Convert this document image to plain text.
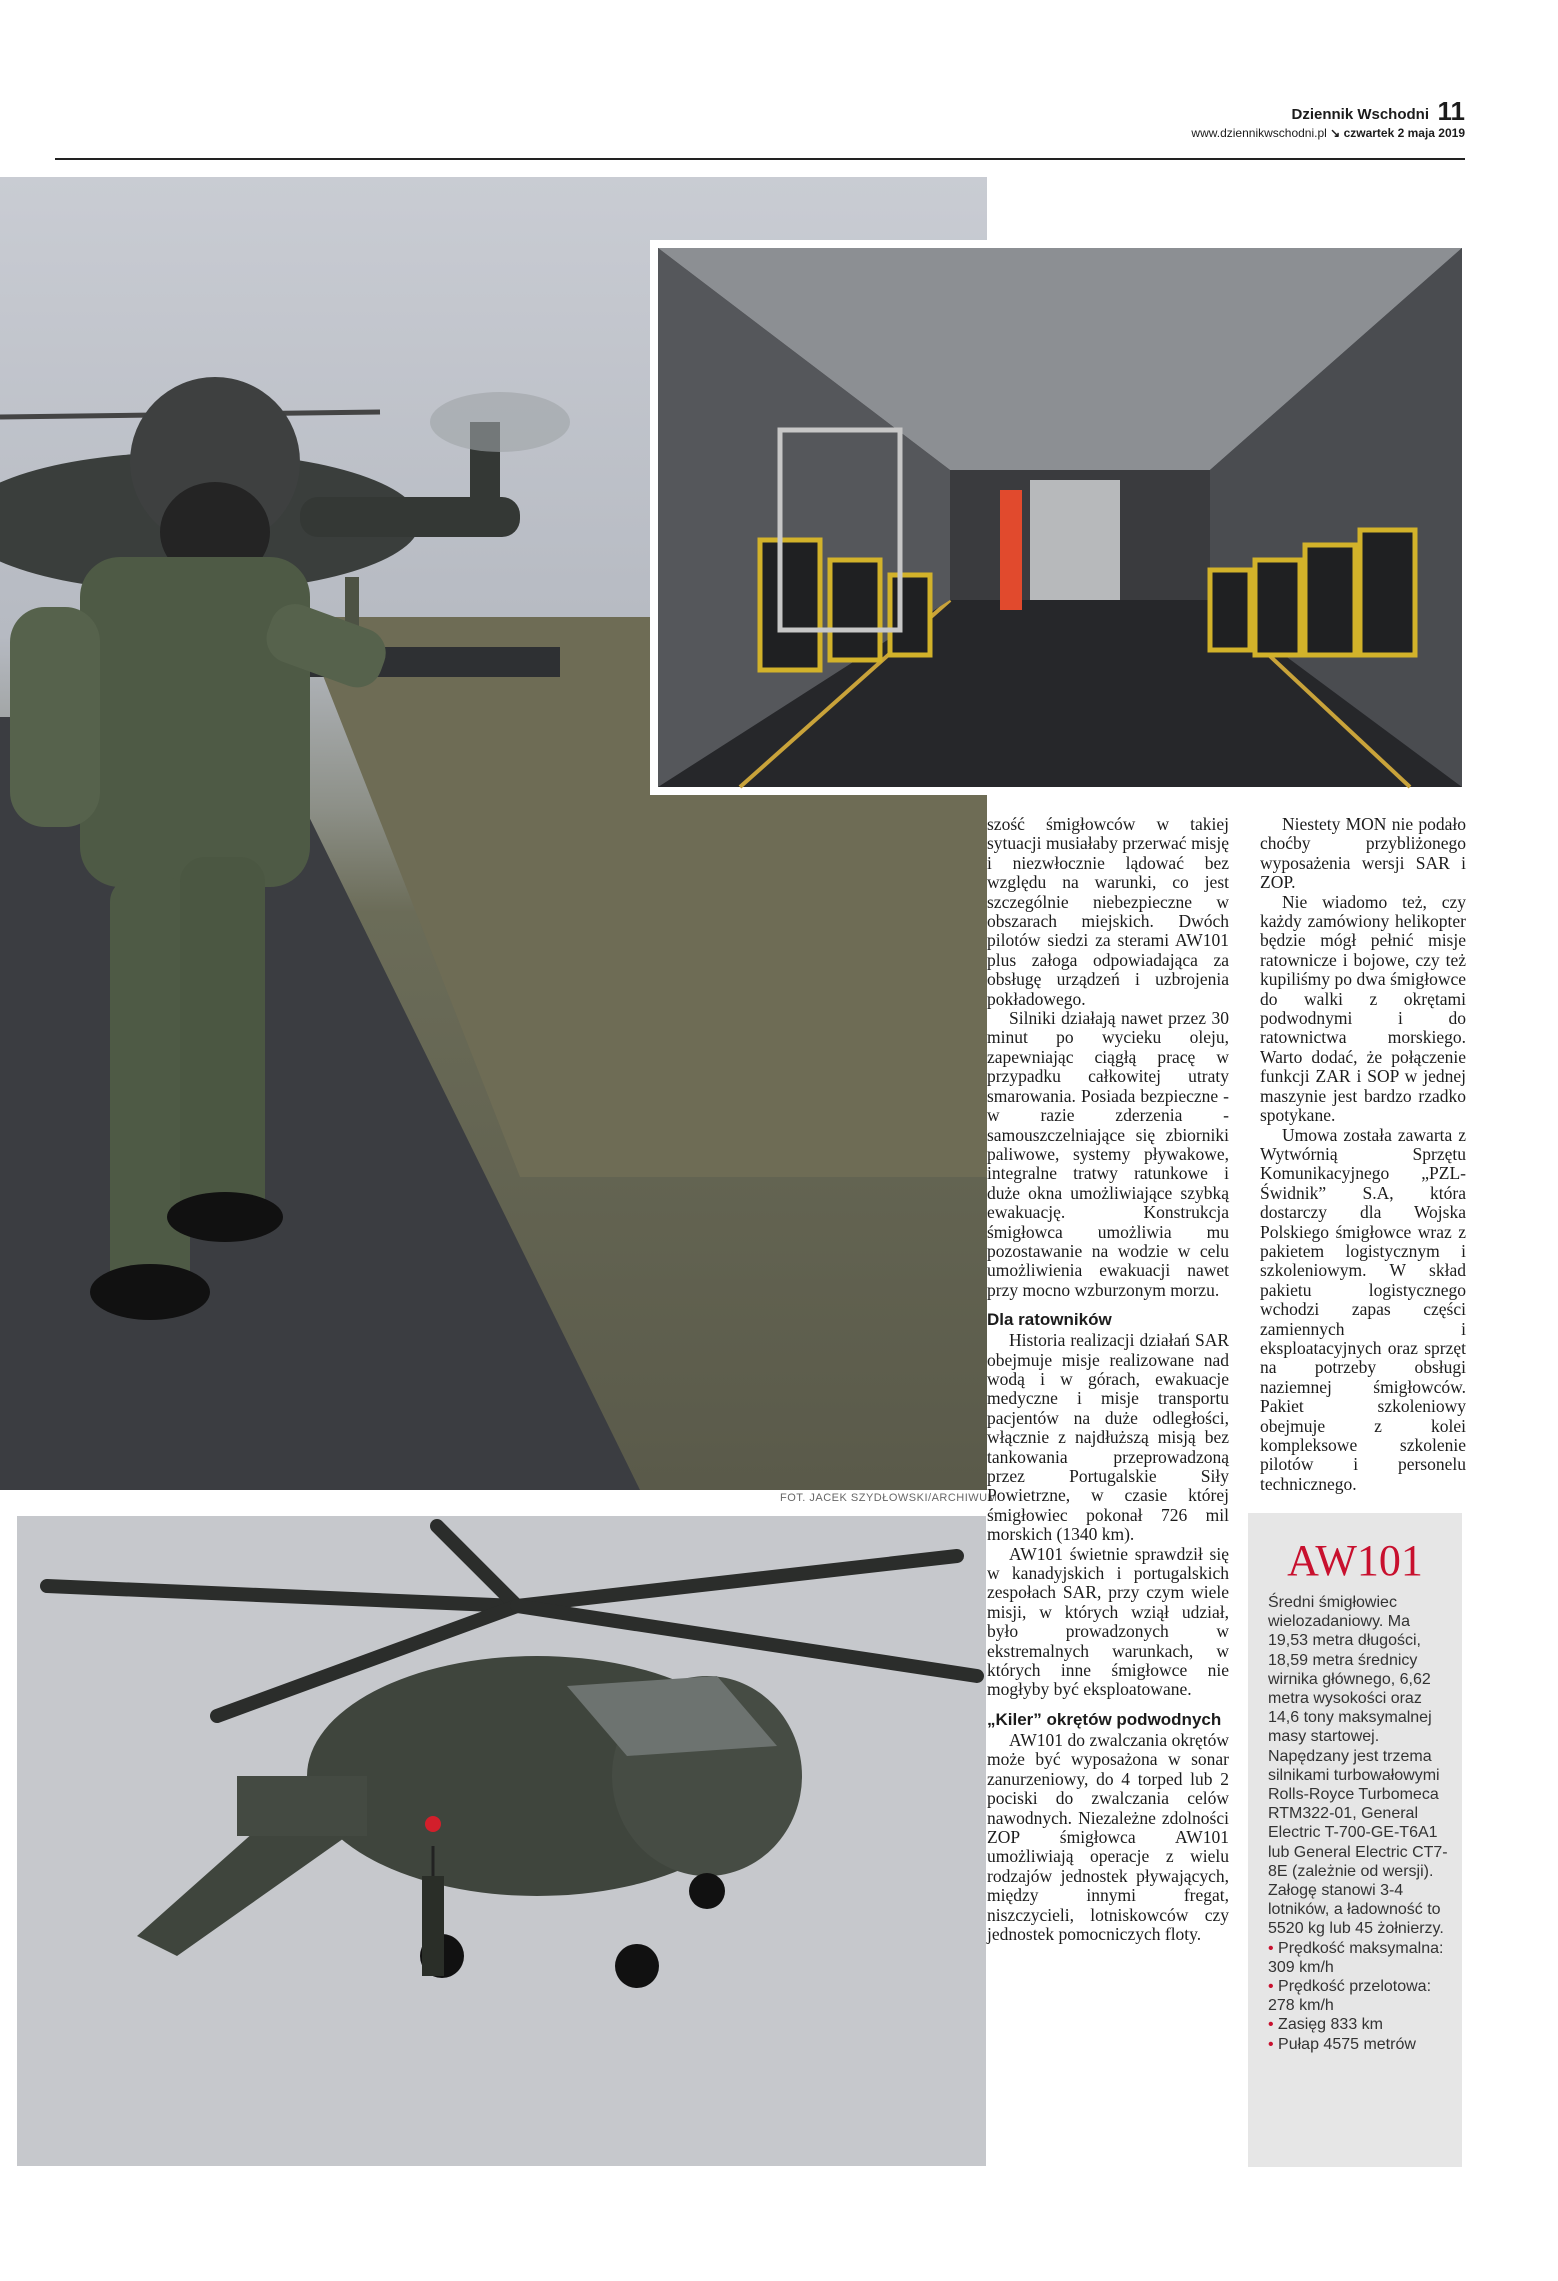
Dziennik Wschodni 11
www.dziennikwschodni.pl ↘ czwartek 2 maja 2019
FOT. JACEK SZYDŁOWSKI/ARCHIWUM

szość śmigłowców w takiej sytuacji musiałaby przerwać misję i niezwłocznie lądować bez względu na warunki, co jest szczególnie niebezpieczne w obszarach miejskich. Dwóch pilotów siedzi za sterami AW101 plus załoga odpowiadająca za obsługę urządzeń i uzbrojenia pokładowego.

Silniki działają nawet przez 30 minut po wycieku oleju, zapewniając ciągłą pracę w przypadku całkowitej utraty smarowania. Posiada bezpieczne - w razie zderzenia - samouszczelniające się zbiorniki paliwowe, systemy pływakowe, integralne tratwy ratunkowe i duże okna umożliwiające szybką ewakuację. Konstrukcja śmigłowca umożliwia mu pozostawanie na wodzie w celu umożliwienia ewakuacji nawet przy mocno wzburzonym morzu.

Dla ratowników

Historia realizacji działań SAR obejmuje misje realizowane nad wodą i w górach, ewakuacje medyczne i misje transportu pacjentów na duże odległości, włącznie z najdłuższą misją bez tankowania przeprowadzoną przez Portugalskie Siły Powietrzne, w czasie której śmigłowiec pokonał 726 mil morskich (1340 km).

AW101 świetnie sprawdził się w kanadyjskich i portugalskich zespołach SAR, przy czym wiele misji, w których wziął udział, było prowadzonych w ekstremalnych warunkach, w których inne śmigłowce nie mogłyby być eksploatowane.

„Kiler” okrętów podwodnych

AW101 do zwalczania okrętów może być wyposażona w sonar zanurzeniowy, do 4 torped lub 2 pociski do zwalczania celów nawodnych. Niezależne zdolności ZOP śmigłowca AW101 umożliwiają operacje z wielu rodzajów jednostek pływających, między innymi fregat, niszczycieli, lotniskowców czy jednostek pomocniczych floty.

Niestety MON nie podało choćby przybliżonego wyposażenia wersji SAR i ZOP.

Nie wiadomo też, czy każdy zamówiony helikopter będzie mógł pełnić misje ratownicze i bojowe, czy też kupiliśmy po dwa śmigłowce do walki z okrętami podwodnymi i do ratownictwa morskiego. Warto dodać, że połączenie funkcji ZAR i SOP w jednej maszynie jest bardzo rzadko spotykane.

Umowa została zawarta z Wytwórnią Sprzętu Komunikacyjnego „PZL-Świdnik” S.A, która dostarczy dla Wojska Polskiego śmigłowce wraz z pakietem logistycznym i szkoleniowym. W skład pakietu logistycznego wchodzi zapas części zamiennych i eksploatacyjnych oraz sprzęt na potrzeby obsługi naziemnej śmigłowców. Pakiet szkoleniowy obejmuje z kolei kompleksowe szkolenie pilotów i personelu technicznego.

AW101

Średni śmigłowiec wielozadaniowy. Ma 19,53 metra długości, 18,59 metra średnicy wirnika głównego, 6,62 metra wysokości oraz 14,6 tony maksymalnej masy startowej. Napędzany jest trzema silnikami turbowałowymi Rolls-Royce Turbomeca RTM322-01, General Electric T-700-GE-T6A1 lub General Electric CT7-8E (zależnie od wersji). Załogę stanowi 3-4 lotników, a ładowność to 5520 kg lub 45 żołnierzy.

• Prędkość maksymalna: 309 km/h
• Prędkość przelotowa: 278 km/h
• Zasięg 833 km
• Pułap 4575 metrów
